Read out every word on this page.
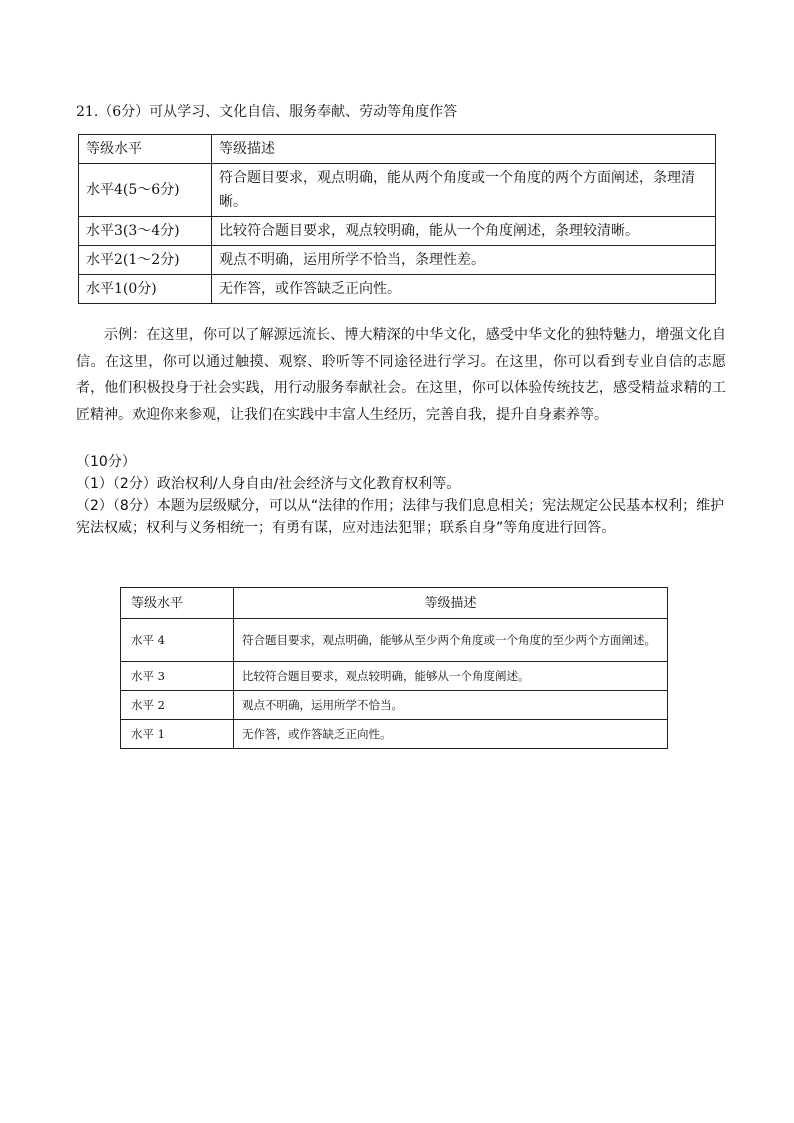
21.（6分）可从学习、文化自信、服务奉献、劳动等角度作答
等级水平	等级描述
水平4(5～6分)	符合题目要求，观点明确，能从两个角度或一个角度的两个方面阐述，条理清晰。
水平3(3～4分)	比较符合题目要求，观点较明确，能从一个角度阐述，条理较清晰。
水平2(1～2分)	观点不明确，运用所学不恰当，条理性差。
水平1(0分)	无作答，或作答缺乏正向性。
示例：在这里，你可以了解源远流长、博大精深的中华文化，感受中华文化的独特魅力，增强文化自信。在这里，你可以通过触摸、观察、聆听等不同途径进行学习。在这里，你可以看到专业自信的志愿者，他们积极投身于社会实践，用行动服务奉献社会。在这里，你可以体验传统技艺，感受精益求精的工匠精神。欢迎你来参观，让我们在实践中丰富人生经历，完善自我，提升自身素养等。

（10分）

（1）（2分）政治权利/人身自由/社会经济与文化教育权利等。

（2）（8分）本题为层级赋分，可以从“法律的作用；法律与我们息息相关；宪法规定公民基本权利；维护宪法权威；权利与义务相统一；有勇有谋，应对违法犯罪；联系自身”等角度进行回答。

等级水平	等级描述
水平 4	符合题目要求，观点明确，能够从至少两个角度或一个角度的至少两个方面阐述。
水平 3	比较符合题目要求，观点较明确，能够从一个角度阐述。
水平 2	观点不明确，运用所学不恰当。
水平 1	无作答，或作答缺乏正向性。
